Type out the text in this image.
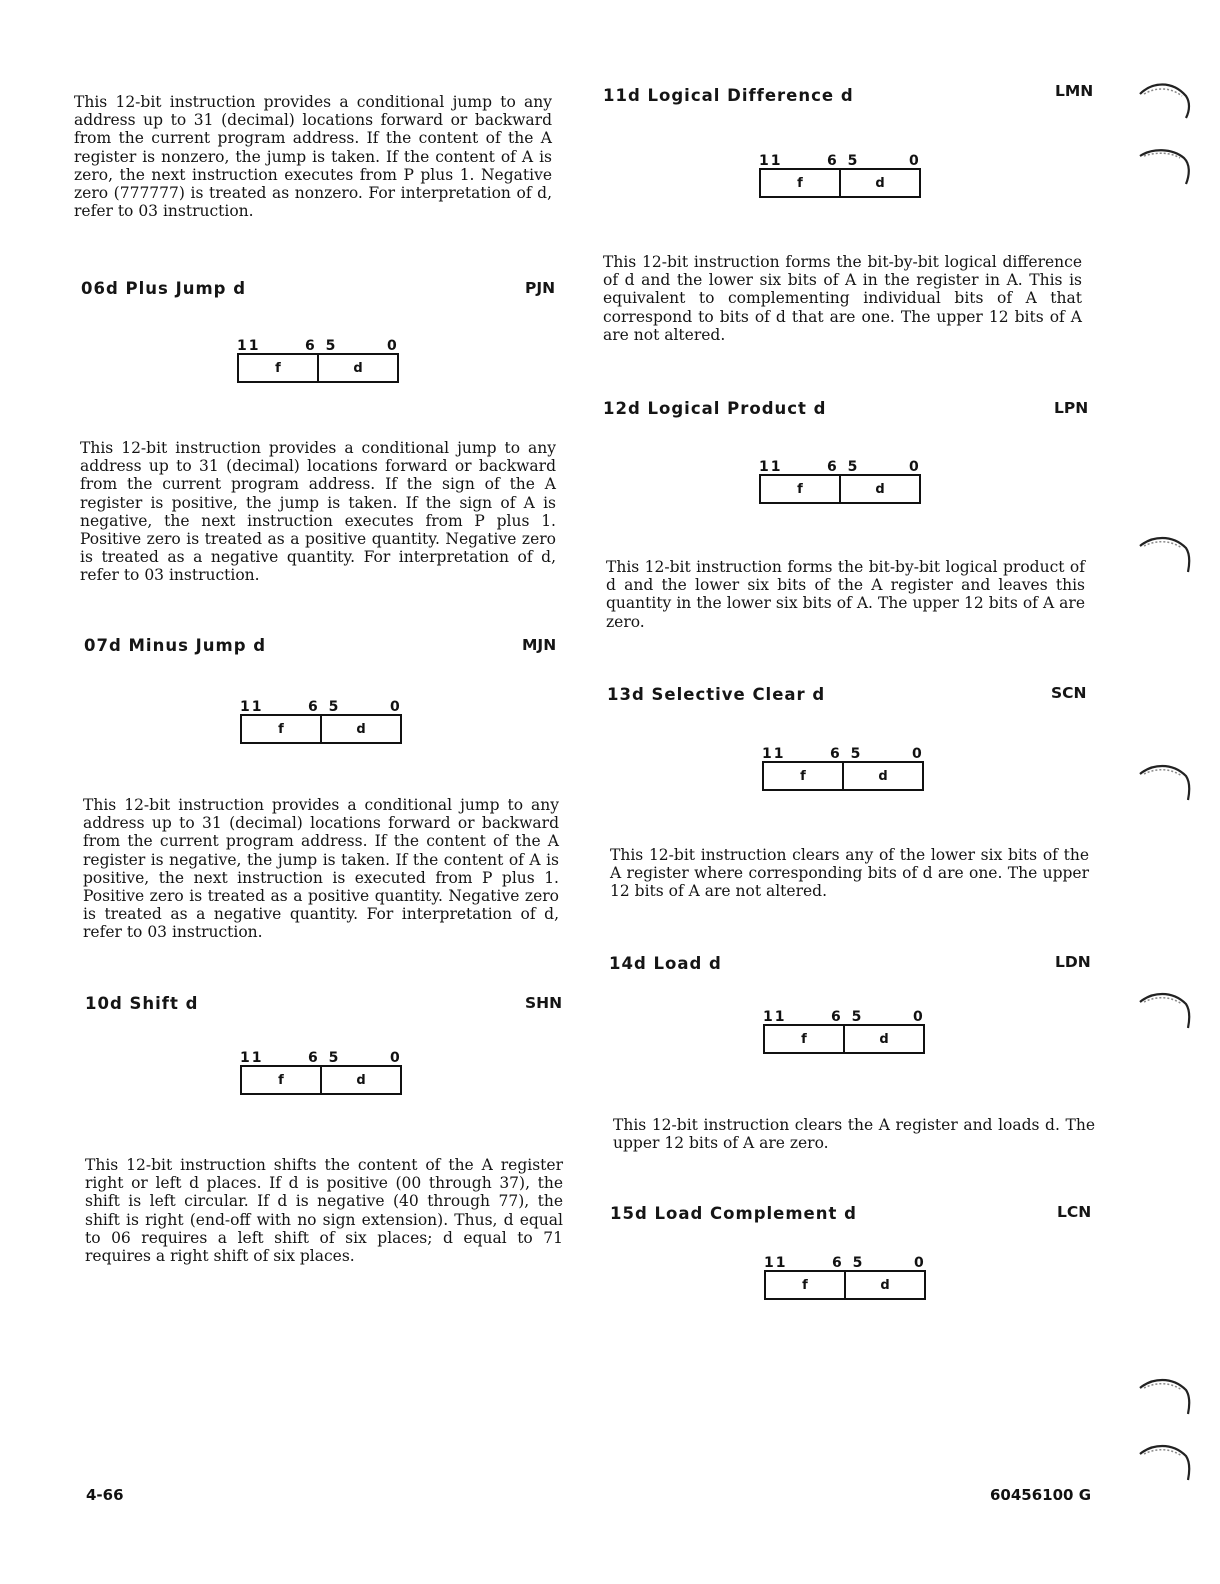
This 12-bit instruction provides a conditional jump to any address up to 31 (decimal) locations forward or backward from the current program address. If the content of the A register is nonzero, the jump is taken. If the content of A is zero, the next instruction executes from P plus 1. Negative zero (777777) is treated as nonzero. For interpretation of d, refer to 03 instruction.

06d Plus Jump d	PJN

11	6 5	0
f	d

This 12-bit instruction provides a conditional jump to any address up to 31 (decimal) locations forward or backward from the current program address. If the sign of the A register is positive, the jump is taken. If the sign of A is negative, the next instruction executes from P plus 1. Positive zero is treated as a positive quantity. Negative zero is treated as a negative quantity. For interpretation of d, refer to 03 instruction.

07d Minus Jump d	MJN

11	6 5	0
f	d

This 12-bit instruction provides a conditional jump to any address up to 31 (decimal) locations forward or backward from the current program address. If the content of the A register is negative, the jump is taken. If the content of A is positive, the next instruction is executed from P plus 1. Positive zero is treated as a positive quantity. Negative zero is treated as a negative quantity. For interpretation of d, refer to 03 instruction.

10d Shift d	SHN

11	6 5	0
f	d

This 12-bit instruction shifts the content of the A register right or left d places. If d is positive (00 through 37), the shift is left circular. If d is negative (40 through 77), the shift is right (end-off with no sign extension). Thus, d equal to 06 requires a left shift of six places; d equal to 71 requires a right shift of six places.

11d Logical Difference d	LMN

11	6 5	0
f	d

This 12-bit instruction forms the bit-by-bit logical difference of d and the lower six bits of A in the register in A. This is equivalent to complementing individual bits of A that correspond to bits of d that are one. The upper 12 bits of A are not altered.

12d Logical Product d	LPN

11	6 5	0
f	d

This 12-bit instruction forms the bit-by-bit logical product of d and the lower six bits of the A register and leaves this quantity in the lower six bits of A. The upper 12 bits of A are zero.

13d Selective Clear d	SCN

11	6 5	0
f	d

This 12-bit instruction clears any of the lower six bits of the A register where corresponding bits of d are one. The upper 12 bits of A are not altered.

14d Load d	LDN

11	6 5	0
f	d

This 12-bit instruction clears the A register and loads d. The upper 12 bits of A are zero.

15d Load Complement d	LCN

11	6 5	0
f	d

4-66	60456100 G
